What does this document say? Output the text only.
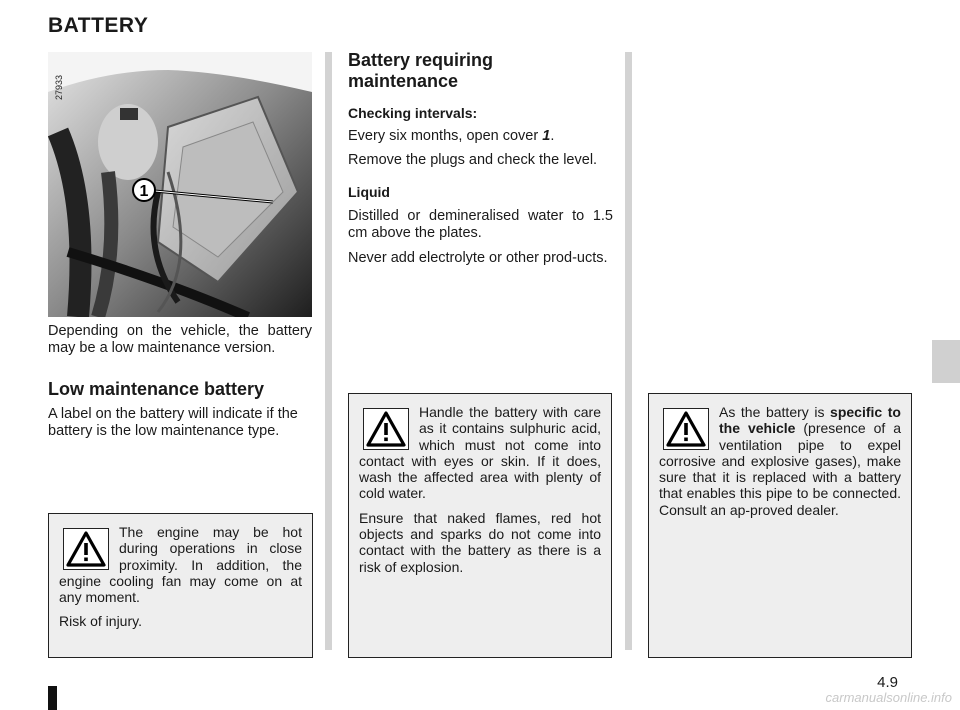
BATTERY
1
27933

Depending on the vehicle, the battery may be a low maintenance version.

Low maintenance battery

A label on the battery will indicate if the battery is the low maintenance type.

The engine may be hot during operations in close proximity. In addition, the engine cooling fan may come on at any moment.

Risk of injury.

Battery requiring maintenance
Checking intervals:

Every six months, open cover 1.

Remove the plugs and check the level.

Liquid

Distilled or demineralised water to 1.5 cm above the plates.

Never add electrolyte or other prod-ucts.

Handle the battery with care as it contains sulphuric acid, which must not come into contact with eyes or skin. If it does, wash the affected area with plenty of cold water.

Ensure that naked flames, red hot objects and sparks do not come into contact with the battery as there is a risk of explosion.

As the battery is specific to the vehicle (presence of a ventilation pipe to expel corrosive and explosive gases), make sure that it is replaced with a battery that enables this pipe to be connected. Consult an ap-proved dealer.

4.9
carmanualsonline.info
